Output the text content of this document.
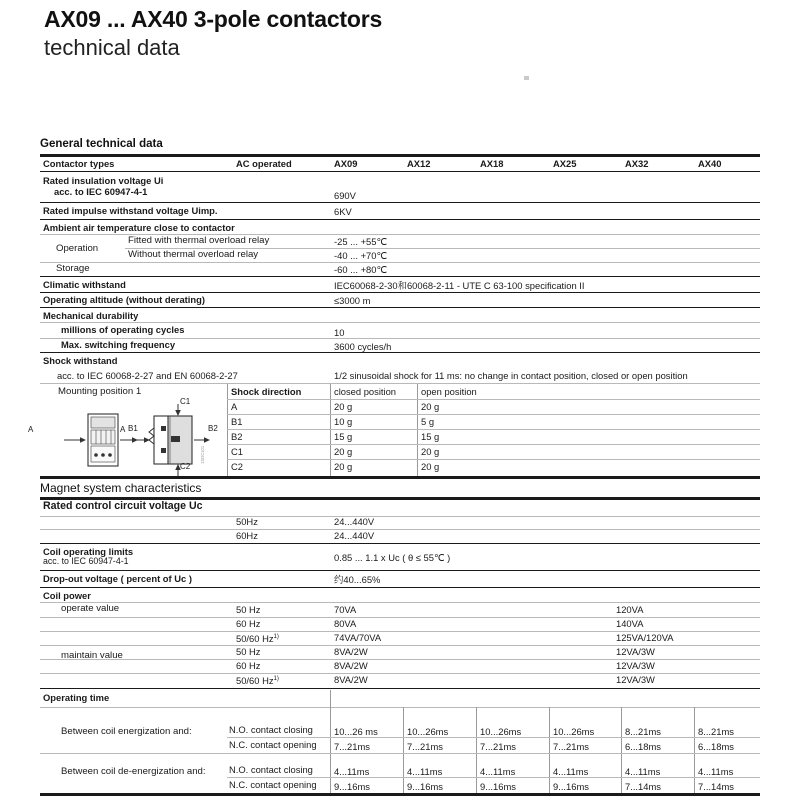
AX09 ... AX40 3-pole contactors
technical data
General technical data
Contactor types	AC operated	AX09	AX12	AX18	AX25	AX32	AX40
Rated insulation voltage Ui
acc. to IEC 60947-4-1	690V
Rated impulse withstand voltage Uimp.	6KV
Ambient air temperature close to contactor
Operation
Fitted with thermal overload relay	-25 ... +55℃
Without thermal overload relay	-40 ... +70℃
Storage	-60 ... +80℃
Climatic withstand	IEC60068-2-30和60068-2-11 - UTE C 63-100 specification II
Operating altitude (without derating)	≤3000 m
Mechanical durability
millions of operating cycles	10
Max. switching frequency	3600 cycles/h
Shock withstand
acc. to IEC 60068-2-27 and EN 60068-2-27	1/2 sinusoidal shock for 11 ms: no change in contact position, closed or open position
Mounting position 1
1SDC101
A	A B1	B2
C1
C2
Shock direction	closed position	open position
A	20 g	20 g
B1	10 g	5 g
B2	15 g	15 g
C1	20 g	20 g
C2	20 g	20 g
Magnet system characteristics
Rated control circuit voltage Uc
50Hz	24...440V
60Hz	24...440V
Coil operating limits
acc. to IEC 60947-4-1	0.85 ... 1.1 x Uc ( θ ≤ 55℃ )
Drop-out voltage ( percent of Uc )	约40...65%
Coil power
operate value
maintain value
50 Hz	70VA	120VA
60 Hz	80VA	140VA
50/60 Hz$^{1)}$	74VA/70VA	125VA/120VA
50 Hz	8VA/2W	12VA/3W
60 Hz	8VA/2W	12VA/3W
50/60 Hz$^{1)}$	8VA/2W	12VA/3W
Operating time
Between coil energization and:	N.O. contact closing 10...26 ms	10...26ms	10...26ms	10...26ms	8...21ms	8...21ms
N.C. contact opening 7...21ms	7...21ms	7...21ms	7...21ms	6...18ms	6...18ms
Between coil de-energization and: N.O. contact closing 4...11ms	4...11ms	4...11ms	4...11ms	4...11ms	4...11ms
N.C. contact opening 9...16ms	9...16ms	9...16ms	9...16ms	7...14ms	7...14ms
